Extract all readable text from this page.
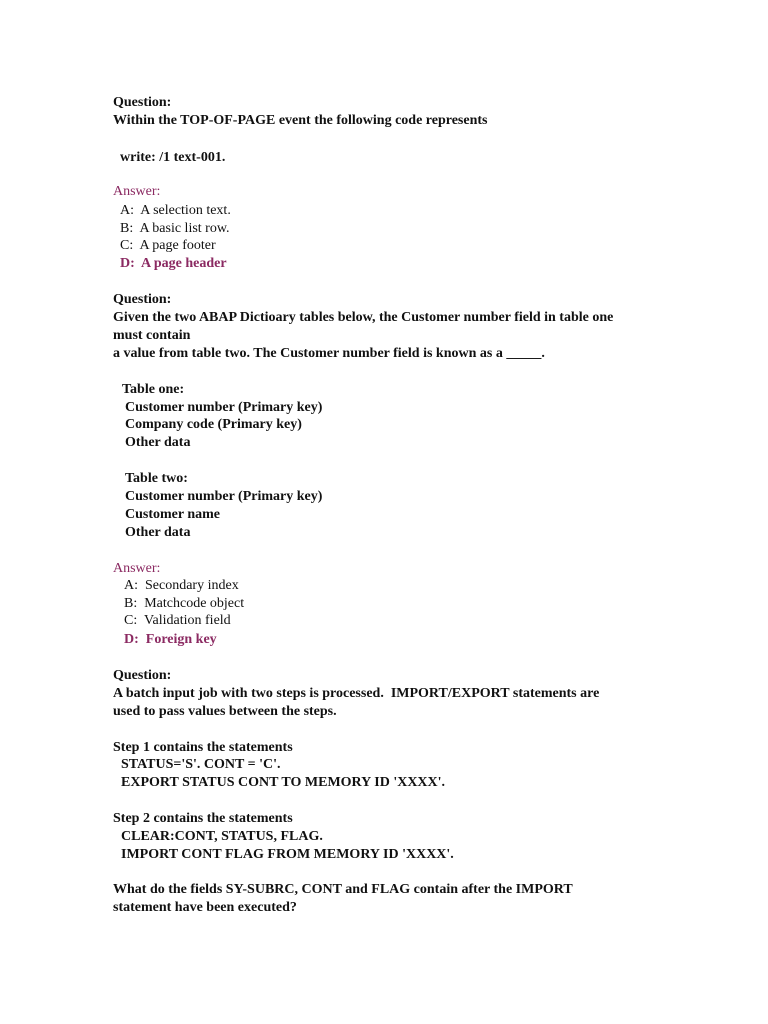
Question:
Within the TOP-OF-PAGE event the following code represents
write: /1 text-001.
Answer:
A:  A selection text.
B:  A basic list row.
C:  A page footer
D:  A page header
Question:
Given the two ABAP Dictioary tables below, the Customer number field in table one
must contain
a value from table two. The Customer number field is known as a _____.
Table one:
Customer number (Primary key)
Company code (Primary key)
Other data
Table two:
Customer number (Primary key)
Customer name
Other data
Answer:
A:  Secondary index
B:  Matchcode object
C:  Validation field
D:  Foreign key
Question:
A batch input job with two steps is processed.  IMPORT/EXPORT statements are
used to pass values between the steps.
Step 1 contains the statements
STATUS='S'. CONT = 'C'.
EXPORT STATUS CONT TO MEMORY ID 'XXXX'.
Step 2 contains the statements
CLEAR:CONT, STATUS, FLAG.
IMPORT CONT FLAG FROM MEMORY ID 'XXXX'.
What do the fields SY-SUBRC, CONT and FLAG contain after the IMPORT
statement have been executed?
